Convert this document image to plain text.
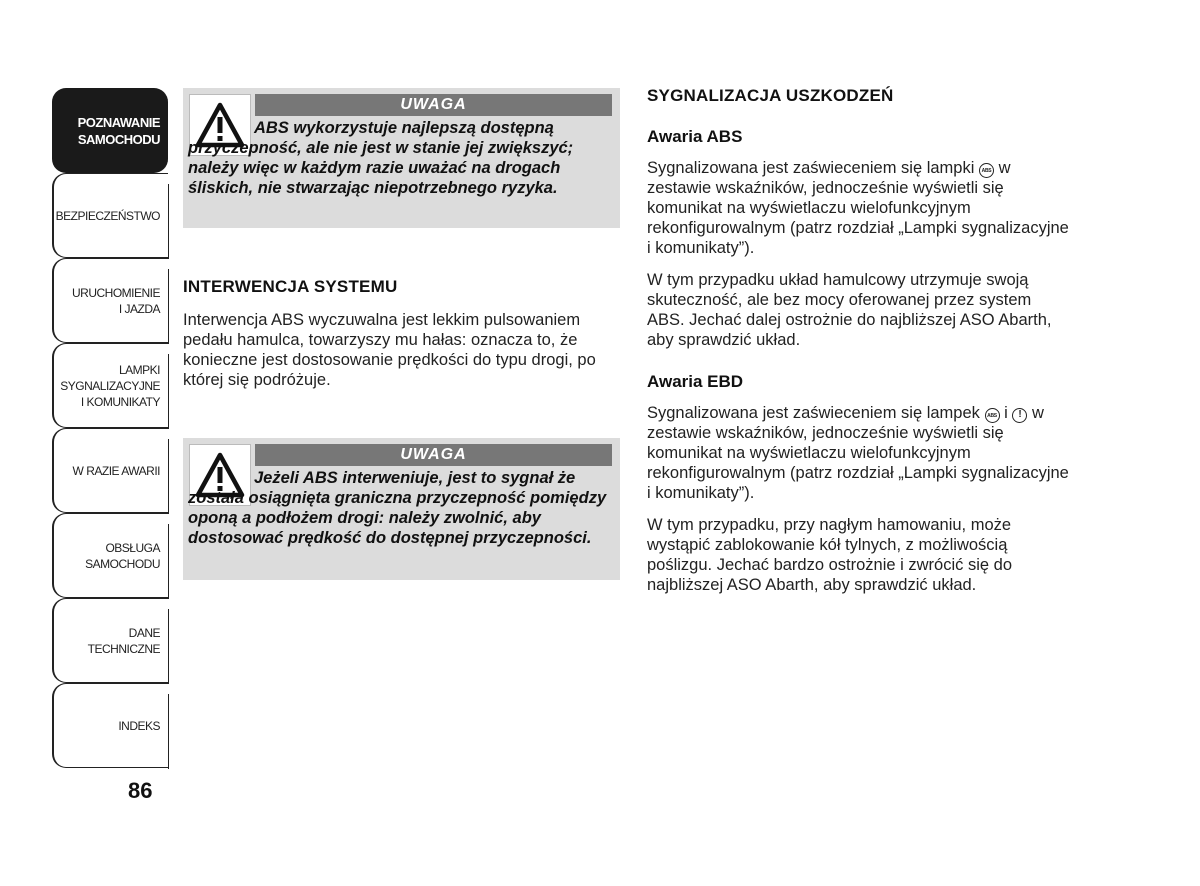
POZNAWANIE
SAMOCHODU
BEZPIECZEŃSTWO
URUCHOMIENIE
I JAZDA
LAMPKI
SYGNALIZACYJNE
I KOMUNIKATY
W RAZIE AWARII
OBSŁUGA
SAMOCHODU
DANE
TECHNICZNE
INDEKS
86
UWAGA
ABS wykorzystuje najlepszą dostępną przyczepność, ale nie jest w stanie jej zwiększyć; należy więc w każdym razie uważać na drogach śliskich, nie stwarzając niepotrzebnego ryzyka.
INTERWENCJA SYSTEMU
Interwencja ABS wyczuwalna jest lekkim pulsowaniem pedału hamulca, towarzyszy mu hałas: oznacza to, że konieczne jest dostosowanie prędkości do typu drogi, po której się podróżuje.
UWAGA
Jeżeli ABS interweniuje, jest to sygnał że została osiągnięta graniczna przyczepność pomiędzy oponą a podłożem drogi: należy zwolnić, aby dostosować prędkość do dostępnej przyczepności.
SYGNALIZACJA USZKODZEŃ
Awaria ABS
Sygnalizowana jest zaświeceniem się lampki ABS w zestawie wskaźników, jednocześnie wyświetli się komunikat na wyświetlaczu wielofunkcyjnym rekonfigurowalnym (patrz rozdział „Lampki sygnalizacyjne i komunikaty”).
W tym przypadku układ hamulcowy utrzymuje swoją skuteczność, ale bez mocy oferowanej przez system ABS. Jechać dalej ostrożnie do najbliższej ASO Abarth, aby sprawdzić układ.
Awaria EBD
Sygnalizowana jest zaświeceniem się lampek ABS i ! w zestawie wskaźników, jednocześnie wyświetli się komunikat na wyświetlaczu wielofunkcyjnym rekonfigurowalnym (patrz rozdział „Lampki sygnalizacyjne i komunikaty”).
W tym przypadku, przy nagłym hamowaniu, może wystąpić zablokowanie kół tylnych, z możliwością poślizgu. Jechać bardzo ostrożnie i zwrócić się do najbliższej ASO Abarth, aby sprawdzić układ.
